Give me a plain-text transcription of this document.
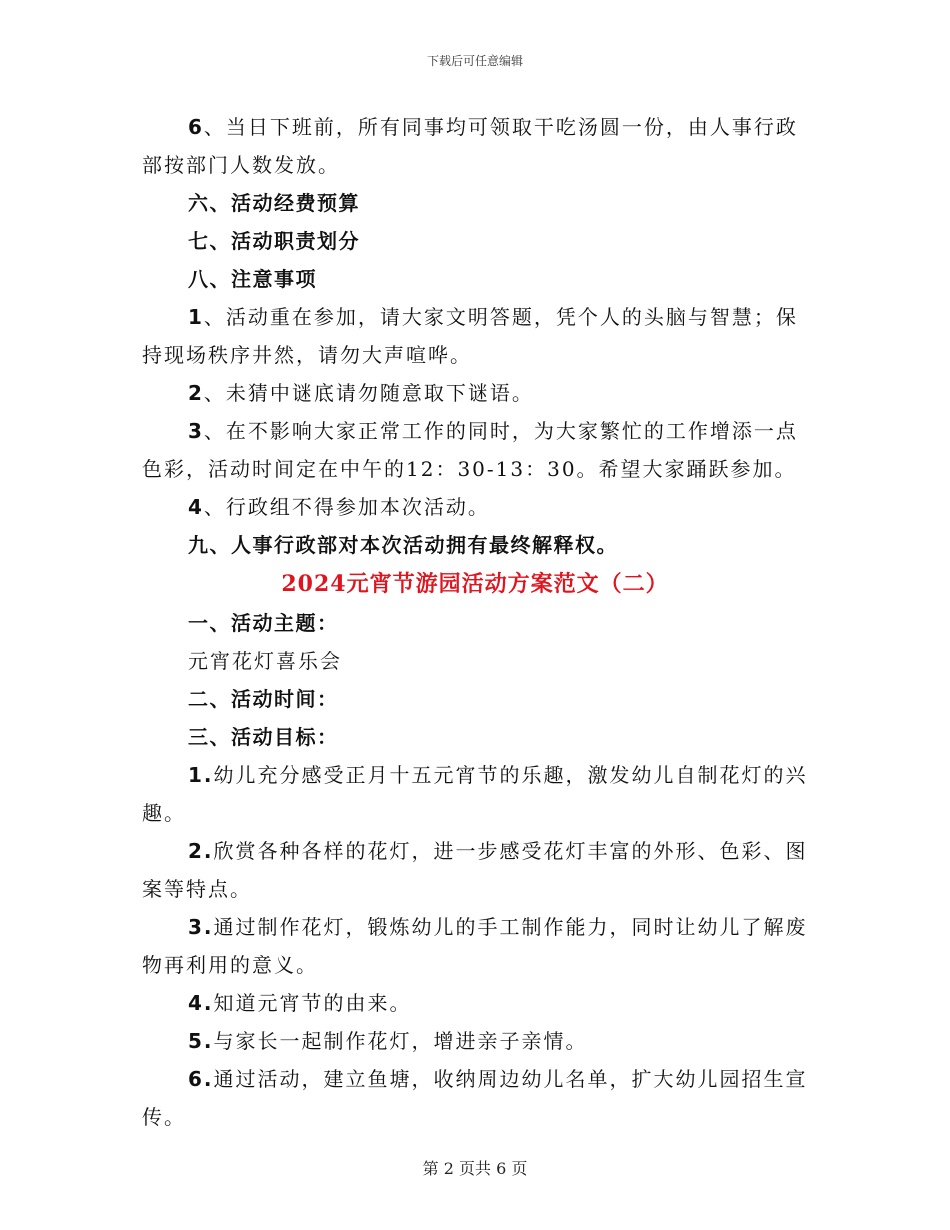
下载后可任意编辑

6、当日下班前，所有同事均可领取干吃汤圆一份，由人事行政部按部门人数发放。

六、活动经费预算

七、活动职责划分

八、注意事项

1、活动重在参加，请大家文明答题，凭个人的头脑与智慧；保持现场秩序井然，请勿大声喧哗。

2、未猜中谜底请勿随意取下谜语。

3、在不影响大家正常工作的同时，为大家繁忙的工作增添一点色彩，活动时间定在中午的12：30-13：30。希望大家踊跃参加。

4、行政组不得参加本次活动。

九、人事行政部对本次活动拥有最终解释权。

2024元宵节游园活动方案范文（二）

一、活动主题：

元宵花灯喜乐会

二、活动时间：

三、活动目标：

1.幼儿充分感受正月十五元宵节的乐趣，激发幼儿自制花灯的兴趣。

2.欣赏各种各样的花灯，进一步感受花灯丰富的外形、色彩、图案等特点。

3.通过制作花灯，锻炼幼儿的手工制作能力，同时让幼儿了解废物再利用的意义。

4.知道元宵节的由来。

5.与家长一起制作花灯，增进亲子亲情。

6.通过活动，建立鱼塘，收纳周边幼儿名单，扩大幼儿园招生宣传。

第 2 页共 6 页
